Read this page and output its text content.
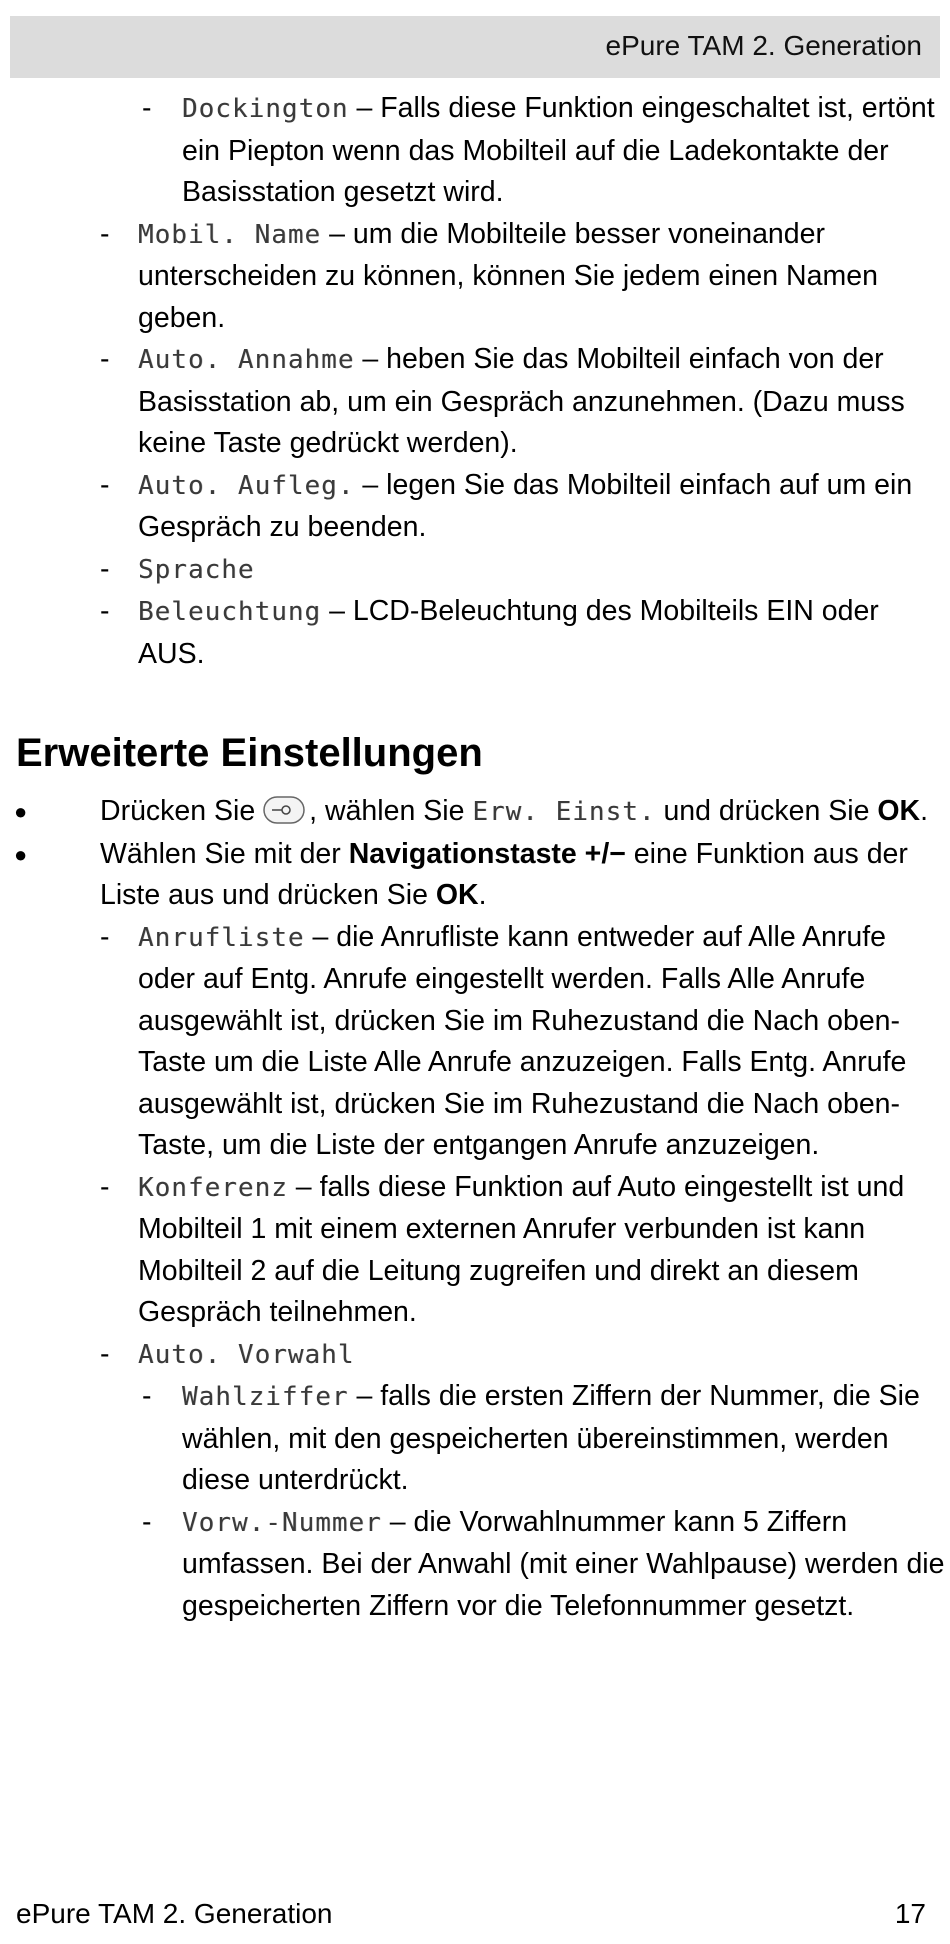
ePure TAM 2. Generation
- Dockington – Falls diese Funktion eingeschaltet ist, ertönt ein Piepton wenn das Mobilteil auf die Ladekontakte der Basisstation gesetzt wird.
- Mobil. Name – um die Mobilteile besser voneinander unterscheiden zu können, können Sie jedem einen Namen geben.
- Auto. Annahme – heben Sie das Mobilteil einfach von der Basisstation ab, um ein Gespräch anzunehmen. (Dazu muss keine Taste gedrückt werden).
- Auto. Aufleg. – legen Sie das Mobilteil einfach auf um ein Gespräch zu beenden.
- Sprache
- Beleuchtung – LCD-Beleuchtung des Mobilteils EIN oder AUS.
Erweiterte Einstellungen
●	Drücken Sie , wählen Sie Erw. Einst. und drücken Sie OK.
●	Wählen Sie mit der Navigationstaste +/− eine Funktion aus der Liste aus und drücken Sie OK.
- Anrufliste – die Anrufliste kann entweder auf Alle Anrufe oder auf Entg. Anrufe eingestellt werden. Falls Alle Anrufe ausgewählt ist, drücken Sie im Ruhezustand die Nach oben-Taste um die Liste Alle Anrufe anzuzeigen. Falls Entg. Anrufe ausgewählt ist, drücken Sie im Ruhezustand die Nach oben-Taste, um die Liste der entgangen Anrufe anzuzeigen.
- Konferenz – falls diese Funktion auf Auto eingestellt ist und Mobilteil 1 mit einem externen Anrufer verbunden ist kann Mobilteil 2 auf die Leitung zugreifen und direkt an diesem Gespräch teilnehmen.
- Auto. Vorwahl
- Wahlziffer – falls die ersten Ziffern der Nummer, die Sie wählen, mit den gespeicherten übereinstimmen, werden diese unterdrückt.
- Vorw.-Nummer – die Vorwahlnummer kann 5 Ziffern umfassen. Bei der Anwahl (mit einer Wahlpause) werden die gespeicherten Ziffern vor die Telefonnummer gesetzt.
ePure TAM 2. Generation	17
